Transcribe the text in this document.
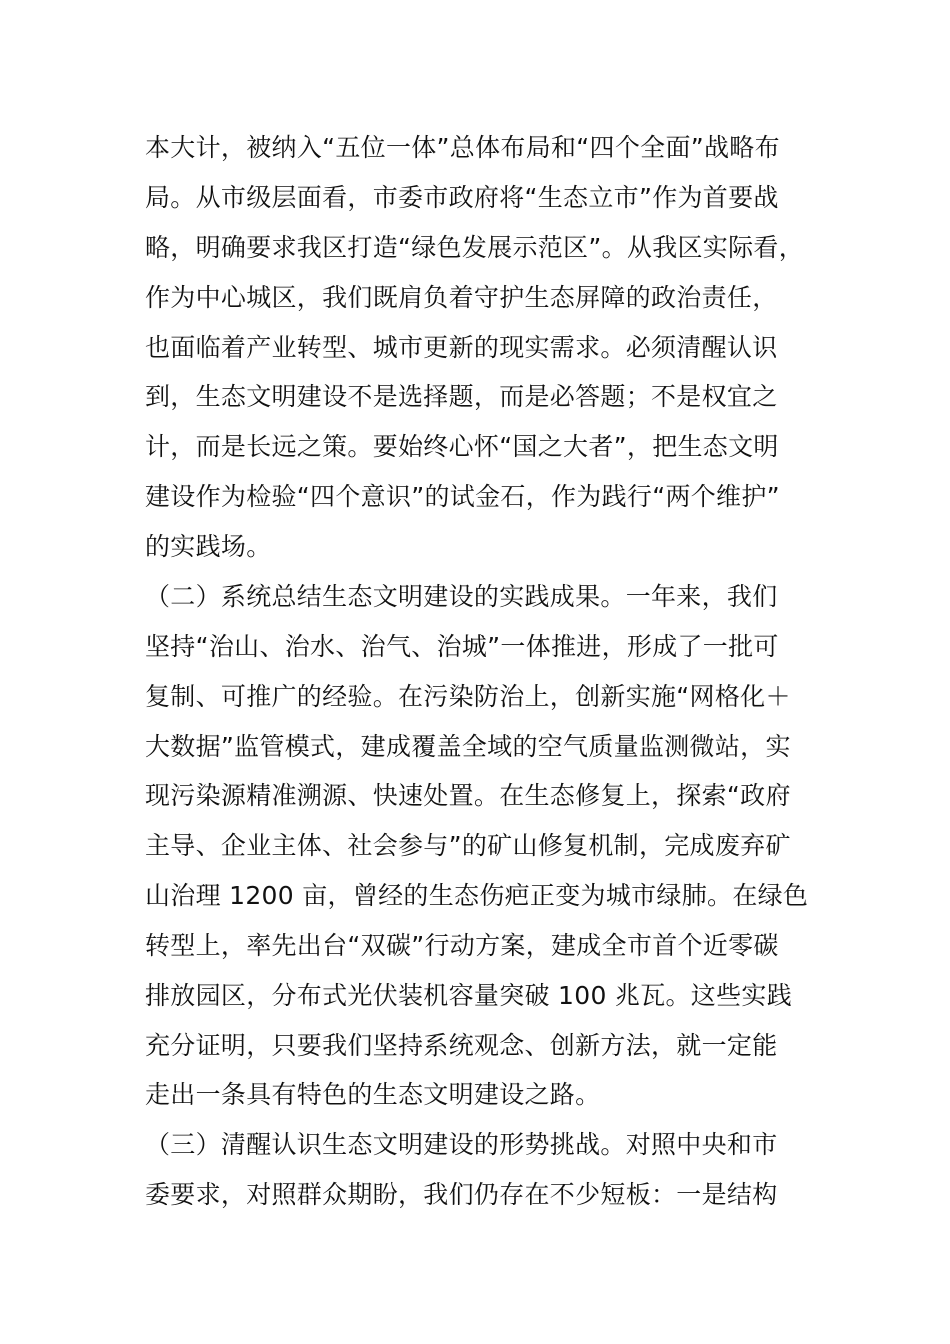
本大计，被纳入“五位一体”总体布局和“四个全面”战略布
局。从市级层面看，市委市政府将“生态立市”作为首要战
略，明确要求我区打造“绿色发展示范区”。从我区实际看，
作为中心城区，我们既肩负着守护生态屏障的政治责任，
也面临着产业转型、城市更新的现实需求。必须清醒认识
到，生态文明建设不是选择题，而是必答题；不是权宜之
计，而是长远之策。要始终心怀“国之大者”，把生态文明
建设作为检验“四个意识”的试金石，作为践行“两个维护”
的实践场。
（二）系统总结生态文明建设的实践成果。一年来，我们
坚持“治山、治水、治气、治城”一体推进，形成了一批可
复制、可推广的经验。在污染防治上，创新实施“网格化＋
大数据”监管模式，建成覆盖全域的空气质量监测微站，实
现污染源精准溯源、快速处置。在生态修复上，探索“政府
主导、企业主体、社会参与”的矿山修复机制，完成废弃矿
山治理 1200 亩，曾经的生态伤疤正变为城市绿肺。在绿色
转型上，率先出台“双碳”行动方案，建成全市首个近零碳
排放园区，分布式光伏装机容量突破 100 兆瓦。这些实践
充分证明，只要我们坚持系统观念、创新方法，就一定能
走出一条具有特色的生态文明建设之路。
（三）清醒认识生态文明建设的形势挑战。对照中央和市
委要求，对照群众期盼，我们仍存在不少短板：一是结构
